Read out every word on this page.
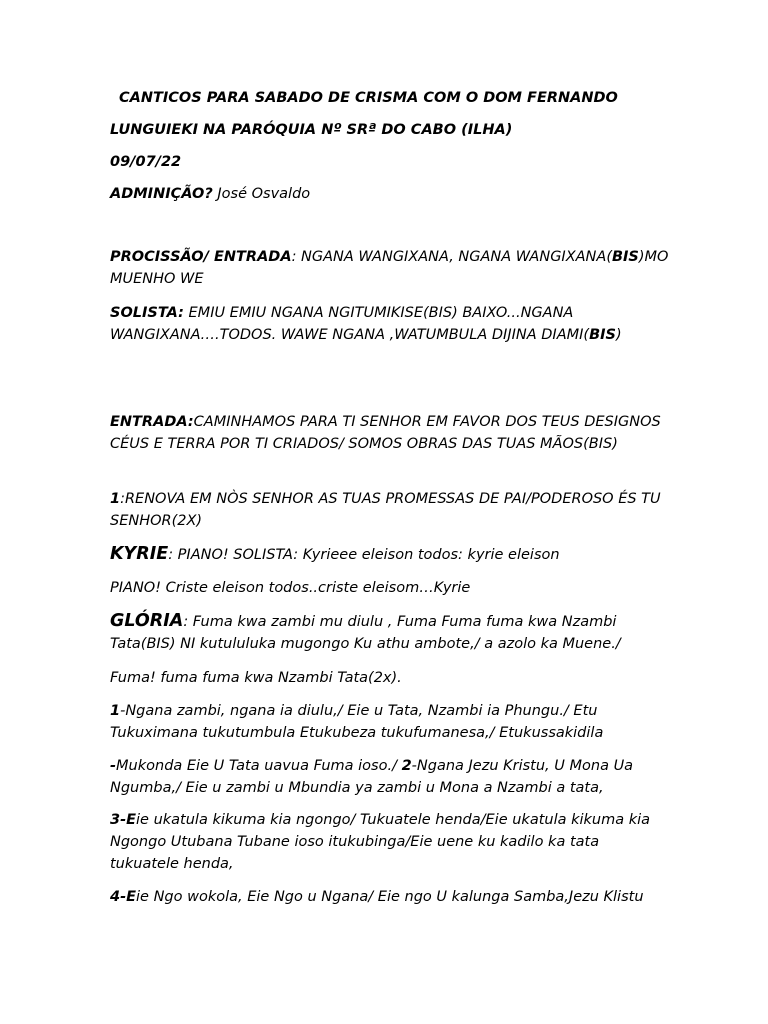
CANTICOS PARA SABADO DE CRISMA COM O DOM FERNANDO

LUNGUIEKI NA PARÓQUIA Nº SRª DO CABO (ILHA)

09/07/22

ADMINIÇÃO? José Osvaldo

PROCISSÃO/ ENTRADA: NGANA WANGIXANA, NGANA WANGIXANA(BIS)MO MUENHO WE

SOLISTA: EMIU EMIU NGANA NGITUMIKISE(BIS) BAIXO...NGANA WANGIXANA….TODOS. WAWE NGANA ,WATUMBULA DIJINA DIAMI(BIS)

ENTRADA:CAMINHAMOS PARA TI SENHOR EM FAVOR DOS TEUS DESIGNOS CÉUS E TERRA POR TI CRIADOS/ SOMOS OBRAS DAS TUAS MÃOS(BIS)

1:RENOVA EM NÒS SENHOR AS TUAS PROMESSAS DE PAI/PODEROSO ÉS TU SENHOR(2X)

KYRIE: PIANO! SOLISTA: Kyrieee eleison todos: kyrie eleison

PIANO! Criste eleison todos..criste eleisom…Kyrie

GLÓRIA: Fuma kwa zambi mu diulu , Fuma Fuma fuma kwa Nzambi Tata(BIS) NI kutululuka mugongo Ku athu ambote,/ a azolo ka Muene./

Fuma! fuma fuma kwa Nzambi Tata(2x).

1-Ngana zambi, ngana ia diulu,/ Eie u Tata, Nzambi ia Phungu./ Etu Tukuximana tukutumbula Etukubeza tukufumanesa,/ Etukussakidila

-Mukonda Eie U Tata uavua Fuma ioso./ 2-Ngana Jezu Kristu, U Mona Ua Ngumba,/ Eie u zambi u Mbundia ya zambi u Mona a Nzambi a tata,

3-Eie ukatula kikuma kia ngongo/ Tukuatele henda/Eie ukatula kikuma kia Ngongo Utubana Tubane ioso itukubinga/Eie uene ku kadilo ka tata tukuatele henda,

4-Eie Ngo wokola, Eie Ngo u Ngana/ Eie ngo U kalunga Samba,Jezu Klistu
